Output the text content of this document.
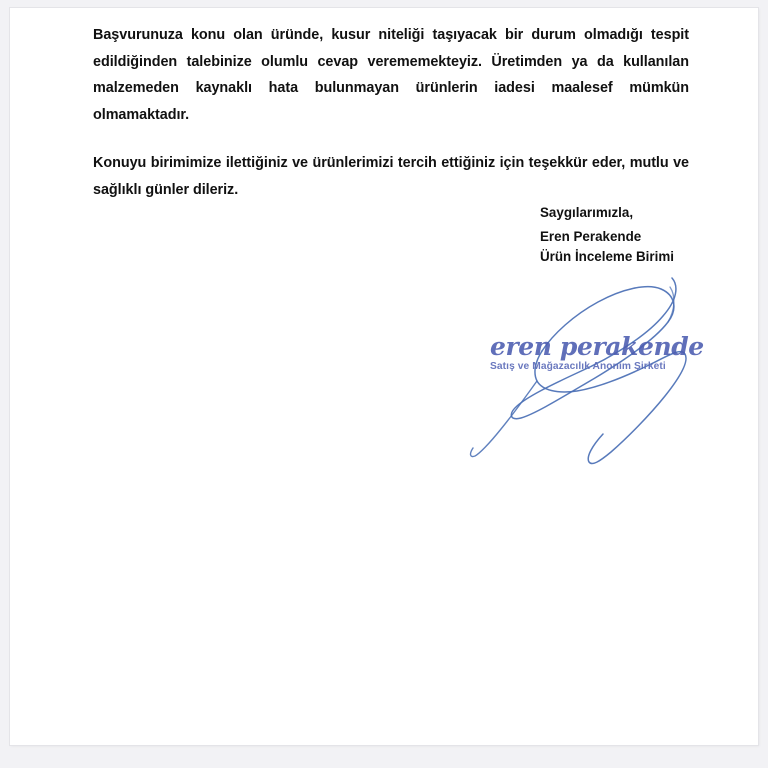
Başvurunuza konu olan üründe, kusur niteliği taşıyacak bir durum olmadığı tespit edildiğinden talebinize olumlu cevap verememekteyiz. Üretimden ya da kullanılan malzemeden kaynaklı hata bulunmayan ürünlerin iadesi maalesef mümkün olmamaktadır.

Konuyu birimimize ilettiğiniz ve ürünlerimizi tercih ettiğiniz için teşekkür eder, mutlu ve sağlıklı günler dileriz.

Saygılarımızla,
Eren Perakende
Ürün İnceleme Birimi
eren perakende
Satış ve Mağazacılık Anonim Şirketi
